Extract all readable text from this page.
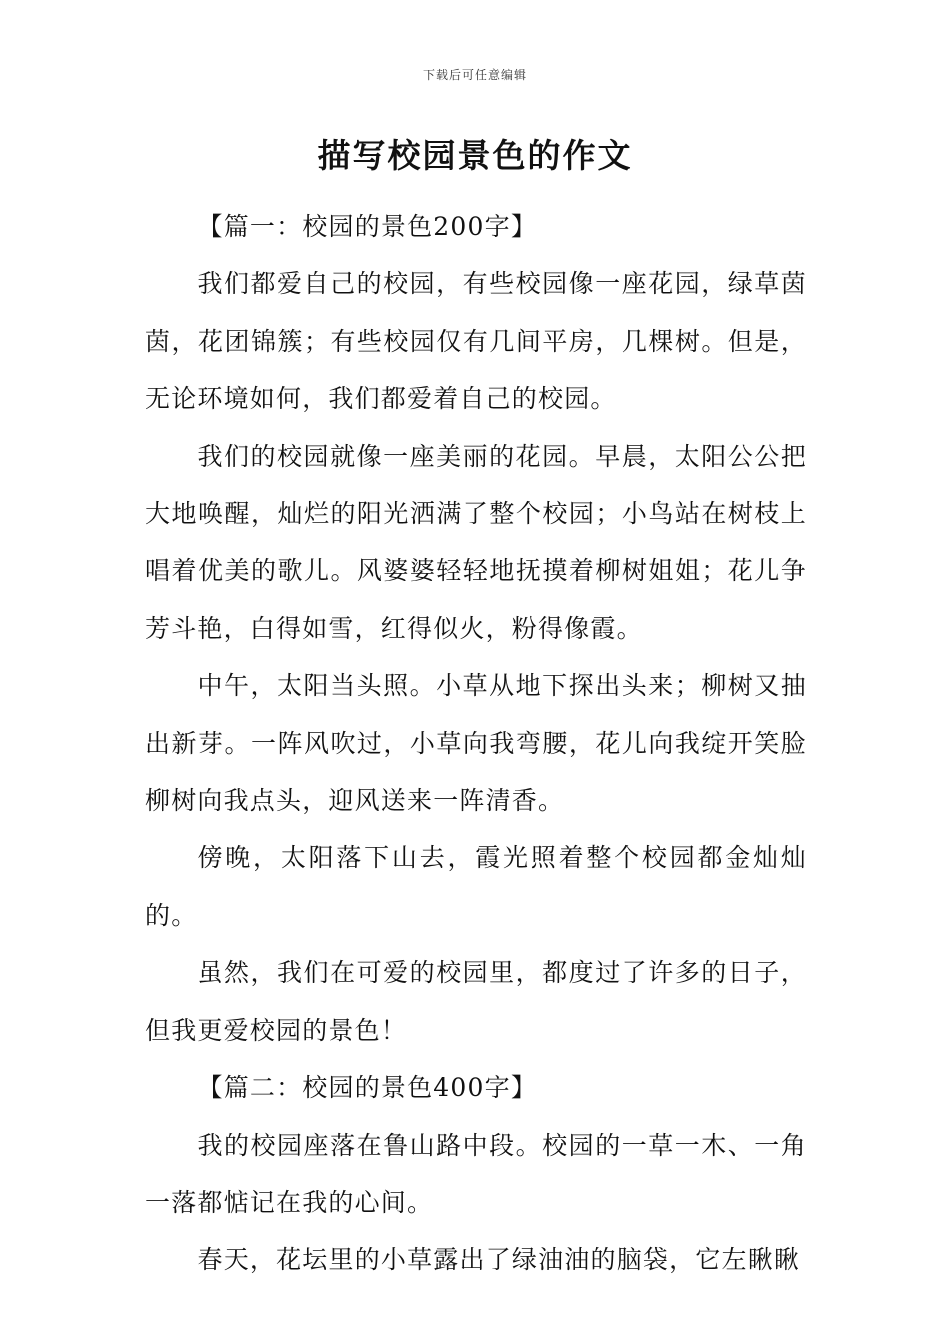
下载后可任意编辑
描写校园景色的作文

【篇一：校园的景色200字】

我们都爱自己的校园，有些校园像一座花园，绿草茵茵，花团锦簇；有些校园仅有几间平房，几棵树。但是，无论环境如何，我们都爱着自己的校园。

我们的校园就像一座美丽的花园。早晨，太阳公公把大地唤醒，灿烂的阳光洒满了整个校园；小鸟站在树枝上唱着优美的歌儿。风婆婆轻轻地抚摸着柳树姐姐；花儿争芳斗艳，白得如雪，红得似火，粉得像霞。

中午，太阳当头照。小草从地下探出头来；柳树又抽出新芽。一阵风吹过，小草向我弯腰，花儿向我绽开笑脸柳树向我点头，迎风送来一阵清香。

傍晚，太阳落下山去，霞光照着整个校园都金灿灿的。

虽然，我们在可爱的校园里，都度过了许多的日子，但我更爱校园的景色！

【篇二：校园的景色400字】

我的校园座落在鲁山路中段。校园的一草一木、一角一落都惦记在我的心间。

春天，花坛里的小草露出了绿油油的脑袋，它左瞅瞅
